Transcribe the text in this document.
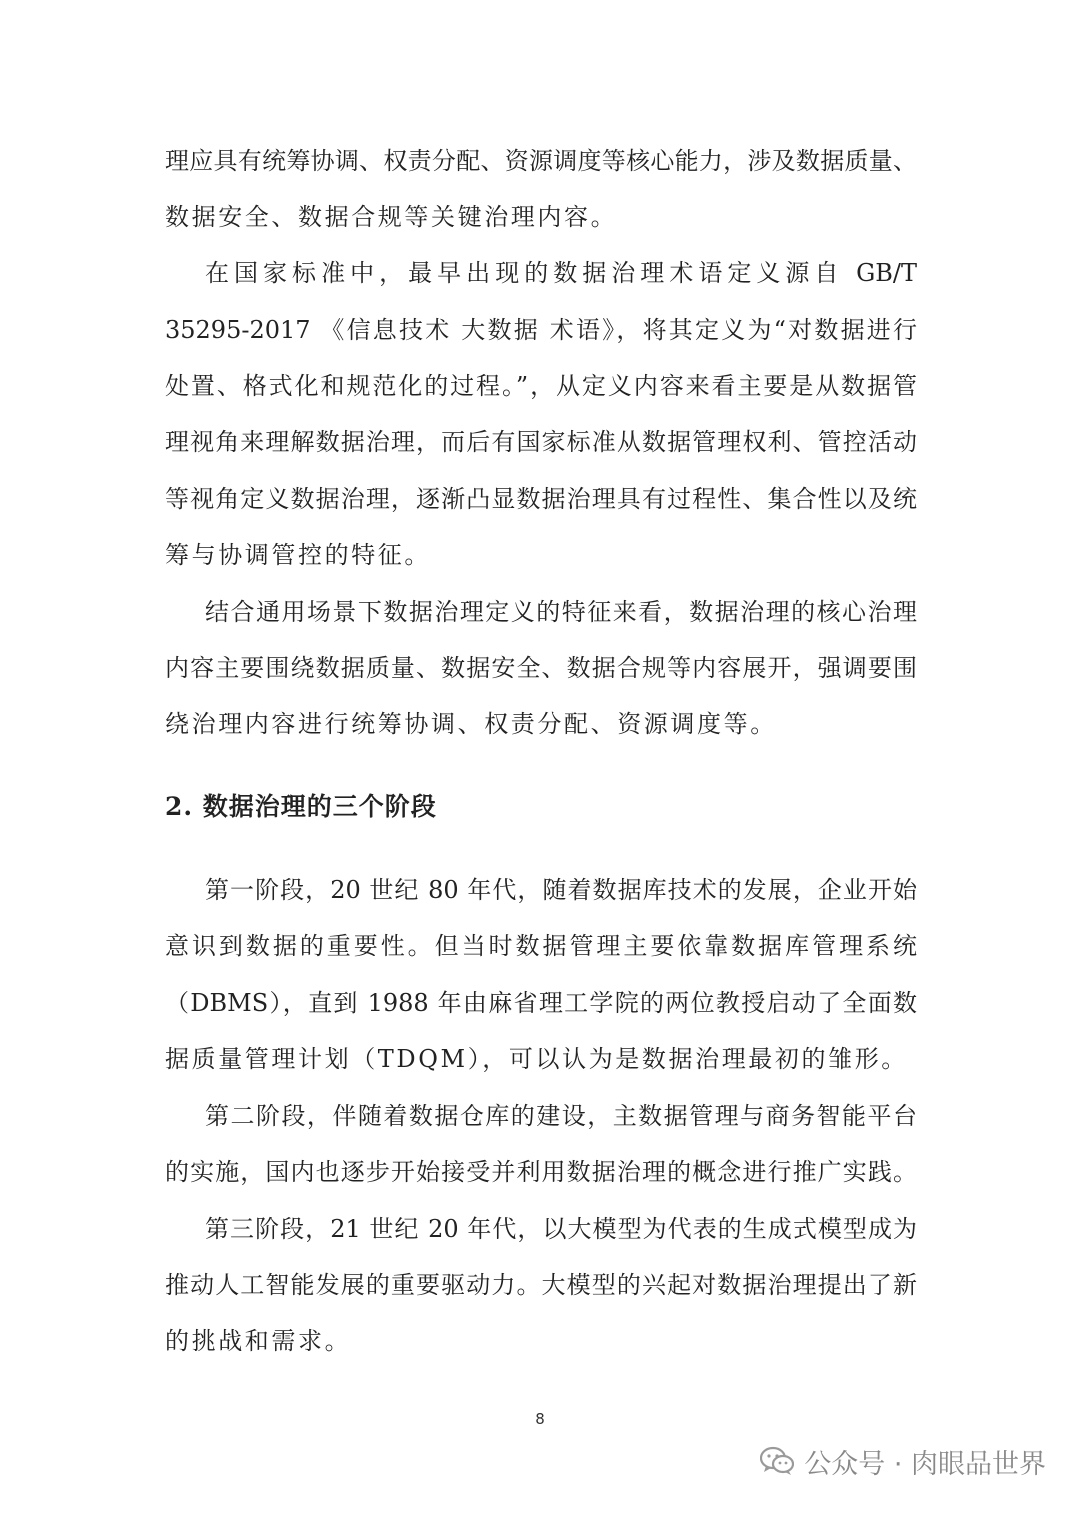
理应具有统筹协调、权责分配、资源调度等核心能力，涉及数据质量、
数据安全、数据合规等关键治理内容。
在国家标准中，最早出现的数据治理术语定义源自 GB/T
35295-2017 《信息技术 大数据 术语》，将其定义为“对数据进行
处置、格式化和规范化的过程。”，从定义内容来看主要是从数据管
理视角来理解数据治理，而后有国家标准从数据管理权利、管控活动
等视角定义数据治理，逐渐凸显数据治理具有过程性、集合性以及统
筹与协调管控的特征。
结合通用场景下数据治理定义的特征来看，数据治理的核心治理
内容主要围绕数据质量、数据安全、数据合规等内容展开，强调要围
绕治理内容进行统筹协调、权责分配、资源调度等。
2. 数据治理的三个阶段
第一阶段，20 世纪 80 年代，随着数据库技术的发展，企业开始
意识到数据的重要性。但当时数据管理主要依靠数据库管理系统
（DBMS），直到 1988 年由麻省理工学院的两位教授启动了全面数
据质量管理计划（TDQM），可以认为是数据治理最初的雏形。
第二阶段，伴随着数据仓库的建设，主数据管理与商务智能平台
的实施，国内也逐步开始接受并利用数据治理的概念进行推广实践。
第三阶段，21 世纪 20 年代，以大模型为代表的生成式模型成为
推动人工智能发展的重要驱动力。大模型的兴起对数据治理提出了新
的挑战和需求。
8
公众号 · 肉眼品世界
